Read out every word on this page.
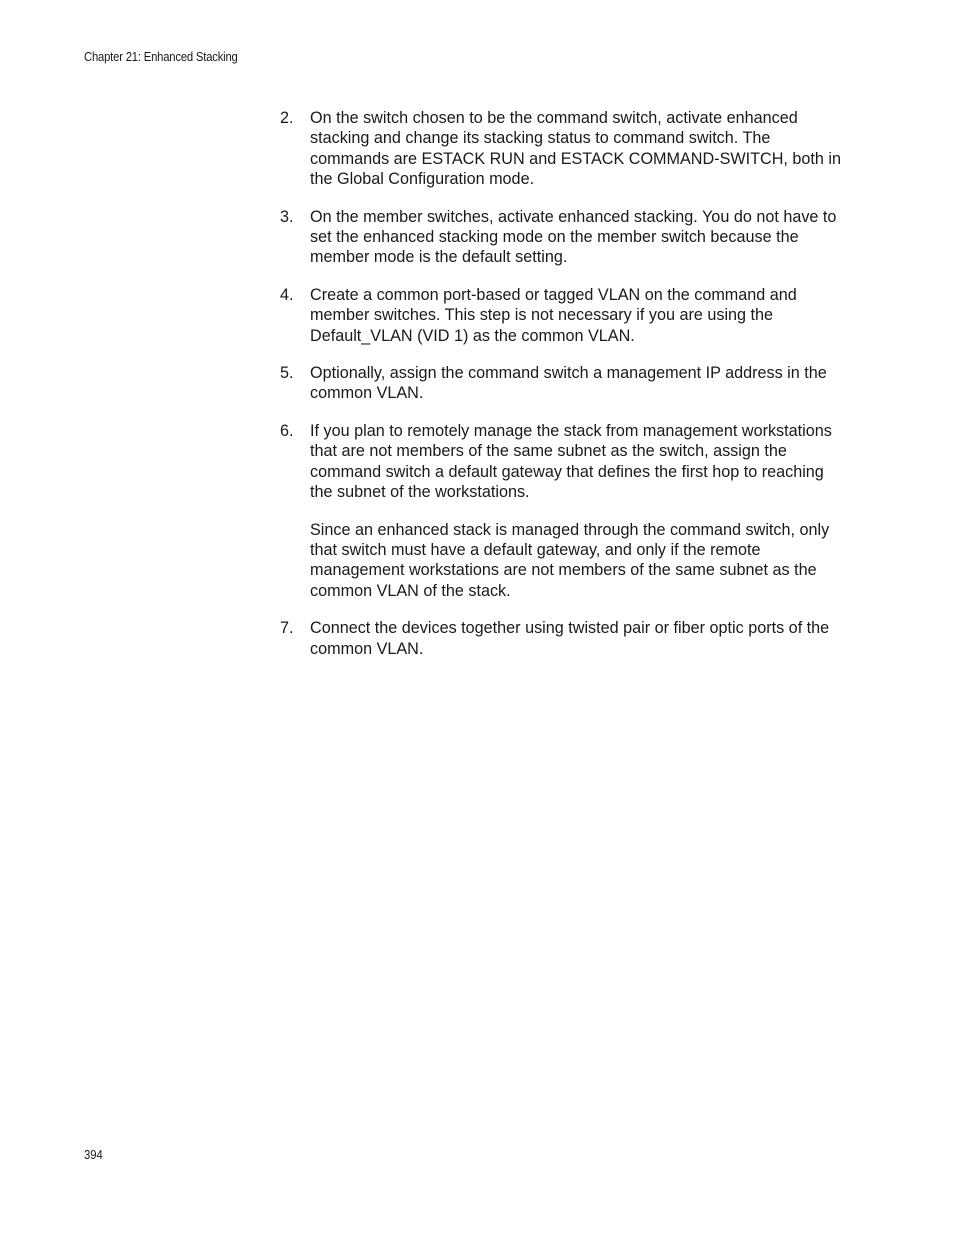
Chapter 21: Enhanced Stacking
2.	On the switch chosen to be the command switch, activate enhanced stacking and change its stacking status to command switch. The commands are ESTACK RUN and ESTACK COMMAND-SWITCH, both in the Global Configuration mode.

3.	On the member switches, activate enhanced stacking. You do not have to set the enhanced stacking mode on the member switch because the member mode is the default setting.

4.	Create a common port-based or tagged VLAN on the command and member switches. This step is not necessary if you are using the Default_VLAN (VID 1) as the common VLAN.

5.	Optionally, assign the command switch a management IP address in the common VLAN.

6.	If you plan to remotely manage the stack from management workstations that are not members of the same subnet as the switch, assign the command switch a default gateway that defines the first hop to reaching the subnet of the workstations.

Since an enhanced stack is managed through the command switch, only that switch must have a default gateway, and only if the remote management workstations are not members of the same subnet as the common VLAN of the stack.

7.	Connect the devices together using twisted pair or fiber optic ports of the common VLAN.

394
